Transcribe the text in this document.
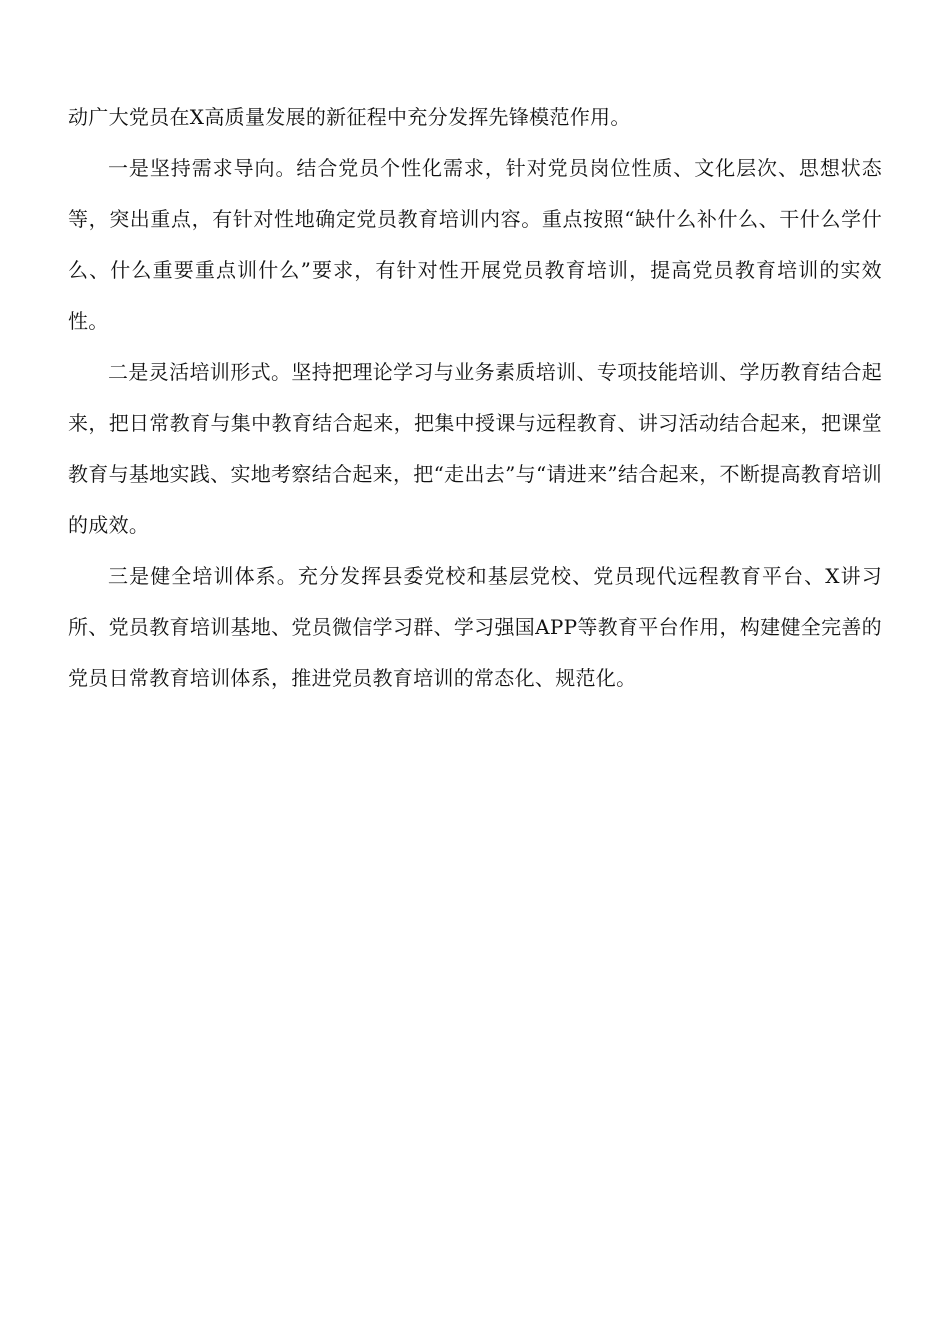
动广大党员在X高质量发展的新征程中充分发挥先锋模范作用。

一是坚持需求导向。结合党员个性化需求，针对党员岗位性质、文化层次、思想状态等，突出重点，有针对性地确定党员教育培训内容。重点按照“缺什么补什么、干什么学什么、什么重要重点训什么”要求，有针对性开展党员教育培训，提高党员教育培训的实效性。

二是灵活培训形式。坚持把理论学习与业务素质培训、专项技能培训、学历教育结合起来，把日常教育与集中教育结合起来，把集中授课与远程教育、讲习活动结合起来，把课堂教育与基地实践、实地考察结合起来，把“走出去”与“请进来”结合起来，不断提高教育培训的成效。

三是健全培训体系。充分发挥县委党校和基层党校、党员现代远程教育平台、X讲习所、党员教育培训基地、党员微信学习群、学习强国APP等教育平台作用，构建健全完善的党员日常教育培训体系，推进党员教育培训的常态化、规范化。
